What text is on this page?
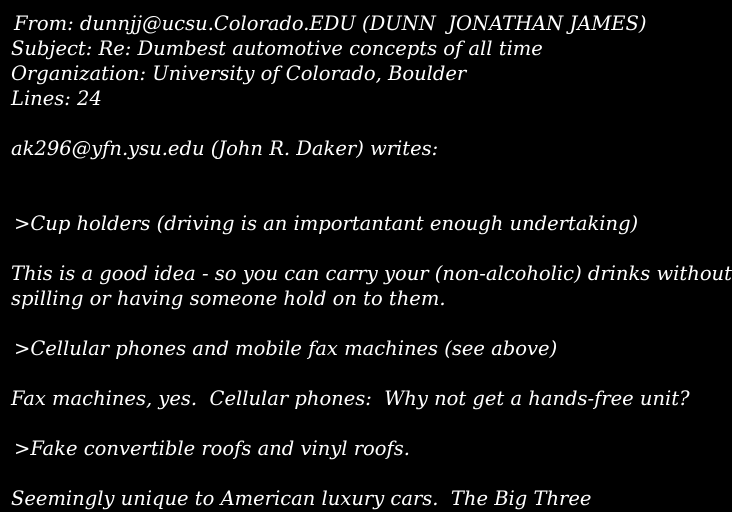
From: dunnjj@ucsu.Colorado.EDU (DUNN  JONATHAN JAMES)
Subject: Re: Dumbest automotive concepts of all time
Organization: University of Colorado, Boulder
Lines: 24
ak296@yfn.ysu.edu (John R. Daker) writes:
>Cup holders (driving is an importantant enough undertaking)
This is a good idea - so you can carry your (non-alcoholic) drinks without
spilling or having someone hold on to them.
>Cellular phones and mobile fax machines (see above)
Fax machines, yes.  Cellular phones:  Why not get a hands-free unit?
>Fake convertible roofs and vinyl roofs.
Seemingly unique to American luxury cars.  The Big Three
